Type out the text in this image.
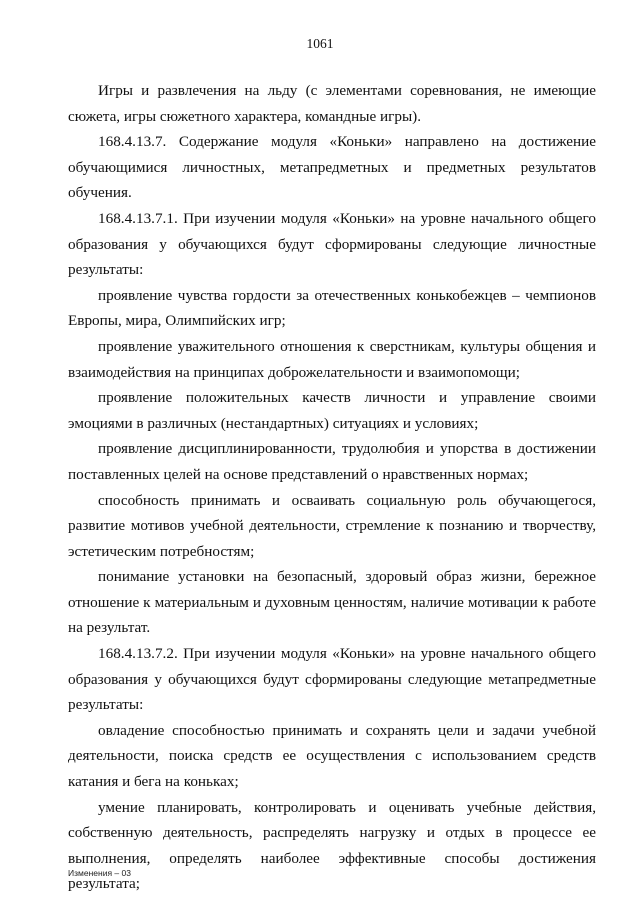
1061

Игры и развлечения на льду (с элементами соревнования, не имеющие сюжета, игры сюжетного характера, командные игры).

168.4.13.7. Содержание модуля «Коньки» направлено на достижение обучающимися личностных, метапредметных и предметных результатов обучения.

168.4.13.7.1. При изучении модуля «Коньки» на уровне начального общего образования у обучающихся будут сформированы следующие личностные результаты:

проявление чувства гордости за отечественных конькобежцев – чемпионов Европы, мира, Олимпийских игр;

проявление уважительного отношения к сверстникам, культуры общения и взаимодействия на принципах доброжелательности и взаимопомощи;

проявление положительных качеств личности и управление своими эмоциями в различных (нестандартных) ситуациях и условиях;

проявление дисциплинированности, трудолюбия и упорства в достижении поставленных целей на основе представлений о нравственных нормах;

способность принимать и осваивать социальную роль обучающегося, развитие мотивов учебной деятельности, стремление к познанию и творчеству, эстетическим потребностям;

понимание установки на безопасный, здоровый образ жизни, бережное отношение к материальным и духовным ценностям, наличие мотивации к работе на результат.

168.4.13.7.2. При изучении модуля «Коньки» на уровне начального общего образования у обучающихся будут сформированы следующие метапредметные результаты:

овладение способностью принимать и сохранять цели и задачи учебной деятельности, поиска средств ее осуществления с использованием средств катания и бега на коньках;

умение планировать, контролировать и оценивать учебные действия, собственную деятельность, распределять нагрузку и отдых в процессе ее выполнения, определять наиболее эффективные способы достижения результата;

Изменения – 03
